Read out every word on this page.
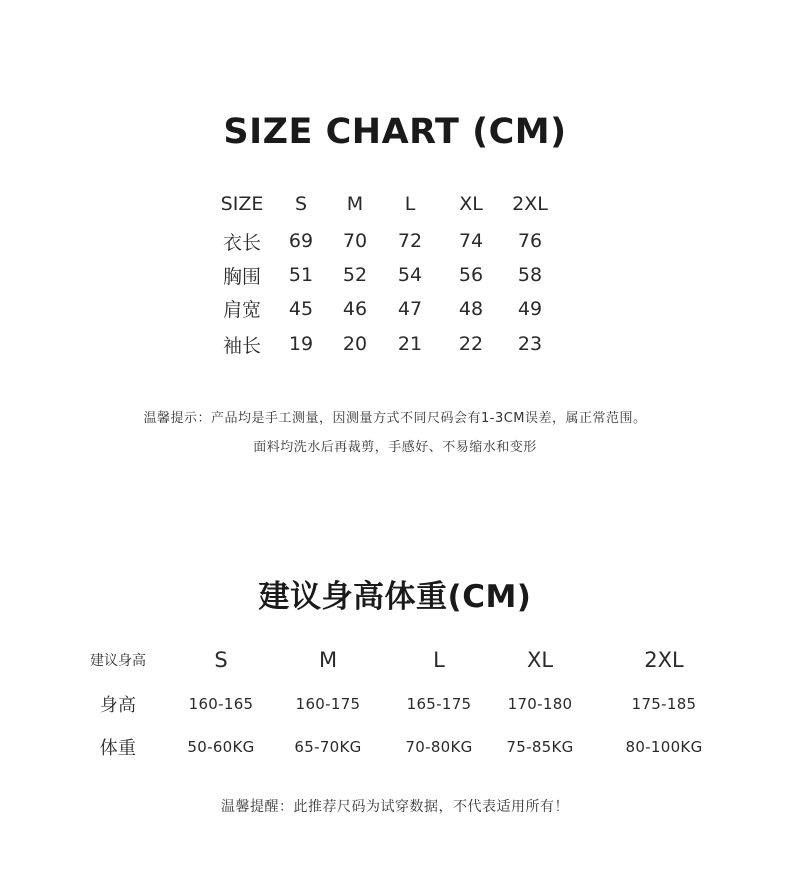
SIZE CHART (CM)
SIZE	S	M	L	XL	2XL
衣长	69	70	72	74	76
胸围	51	52	54	56	58
肩宽	45	46	47	48	49
袖长	19	20	21	22	23

温馨提示：产品均是手工测量，因测量方式不同尺码会有1-3CM误差，属正常范围。

面料均洗水后再裁剪，手感好、不易缩水和变形

建议身高体重(CM)
建议身高	S	M	L	XL	2XL
身高	160-165	160-175	165-175	170-180	175-185
体重	50-60KG	65-70KG	70-80KG	75-85KG	80-100KG

温馨提醒：此推荐尺码为试穿数据，不代表适用所有！
